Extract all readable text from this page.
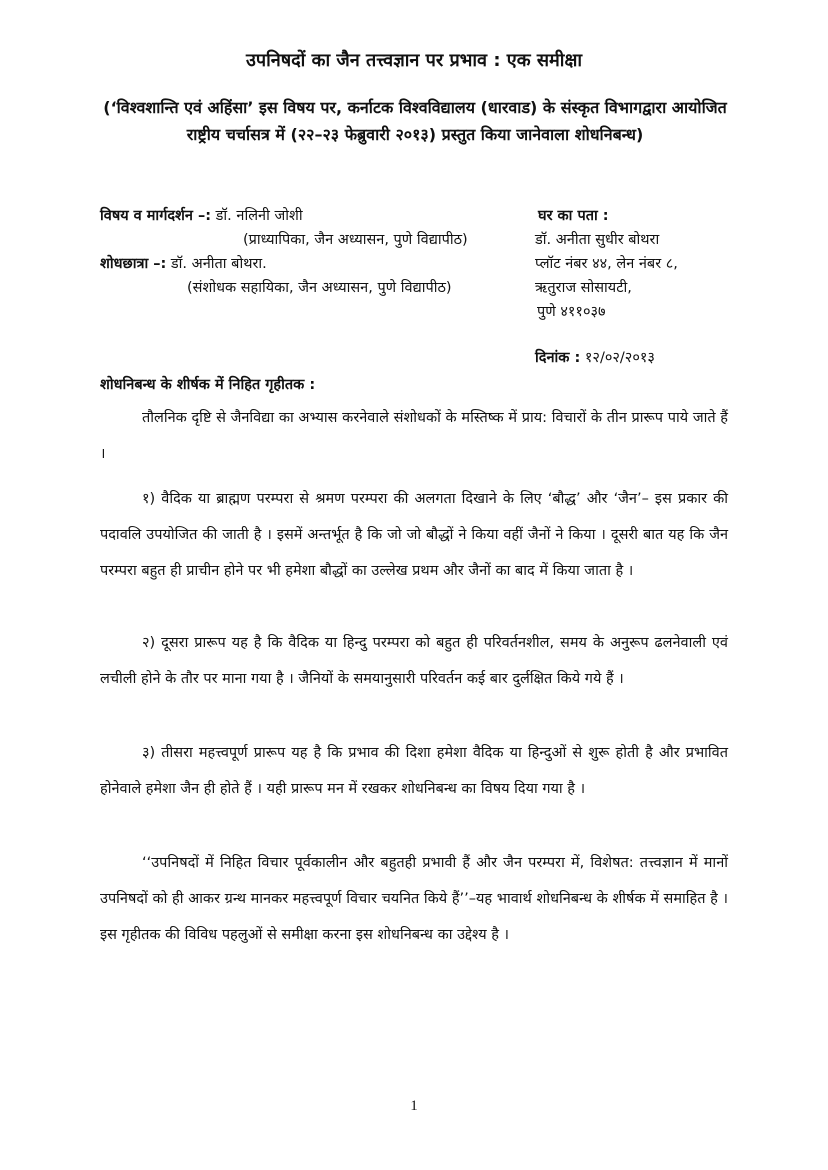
उपनिषदों का जैन तत्त्वज्ञान पर प्रभाव : एक समीक्षा
(‘विश्वशान्ति एवं अहिंसा’ इस विषय पर, कर्नाटक विश्वविद्यालय (धारवाड) के संस्कृत विभागद्वारा आयोजित राष्ट्रीय चर्चासत्र में (२२–२३ फेब्रुवारी २०१३) प्रस्तुत किया जानेवाला शोधनिबन्ध)
विषय व मार्गदर्शन –: डॉ. नलिनी जोशी
(प्राध्यापिका, जैन अध्यासन, पुणे विद्यापीठ)
शोधछात्रा –: डॉ. अनीता बोथरा.
(संशोधक सहायिका, जैन अध्यासन, पुणे विद्यापीठ)
घर का पता :
डॉ. अनीता सुधीर बोथरा
प्लॉट नंबर ४४, लेन नंबर ८,
ऋतुराज सोसायटी,
पुणे ४११०३७
दिनांक : १२/०२/२०१३
शोधनिबन्ध के शीर्षक में निहित गृहीतक :

तौलनिक दृष्टि से जैनविद्या का अभ्यास करनेवाले संशोधकों के मस्तिष्क में प्राय: विचारों के तीन प्रारूप पाये जाते हैं ।

१) वैदिक या ब्राह्मण परम्परा से श्रमण परम्परा की अलगता दिखाने के लिए ‘बौद्ध’ और ‘जैन’– इस प्रकार की पदावलि उपयोजित की जाती है । इसमें अन्तर्भूत है कि जो जो बौद्धों ने किया वहीं जैनों ने किया । दूसरी बात यह कि जैन परम्परा बहुत ही प्राचीन होने पर भी हमेशा बौद्धों का उल्लेख प्रथम और जैनों का बाद में किया जाता है ।

२) दूसरा प्रारूप यह है कि वैदिक या हिन्दु परम्परा को बहुत ही परिवर्तनशील, समय के अनुरूप ढलनेवाली एवं लचीली होने के तौर पर माना गया है । जैनियों के समयानुसारी परिवर्तन कई बार दुर्लक्षित किये गये हैं ।

३) तीसरा महत्त्वपूर्ण प्रारूप यह है कि प्रभाव की दिशा हमेशा वैदिक या हिन्दुओं से शुरू होती है और प्रभावित होनेवाले हमेशा जैन ही होते हैं । यही प्रारूप मन में रखकर शोधनिबन्ध का विषय दिया गया है ।

‘‘उपनिषदों में निहित विचार पूर्वकालीन और बहुतही प्रभावी हैं और जैन परम्परा में, विशेषत: तत्त्वज्ञान में मानों उपनिषदों को ही आकर ग्रन्थ मानकर महत्त्वपूर्ण विचार चयनित किये हैं’’–यह भावार्थ शोधनिबन्ध के शीर्षक में समाहित है । इस गृहीतक की विविध पहलुओं से समीक्षा करना इस शोधनिबन्ध का उद्देश्य है ।

1
